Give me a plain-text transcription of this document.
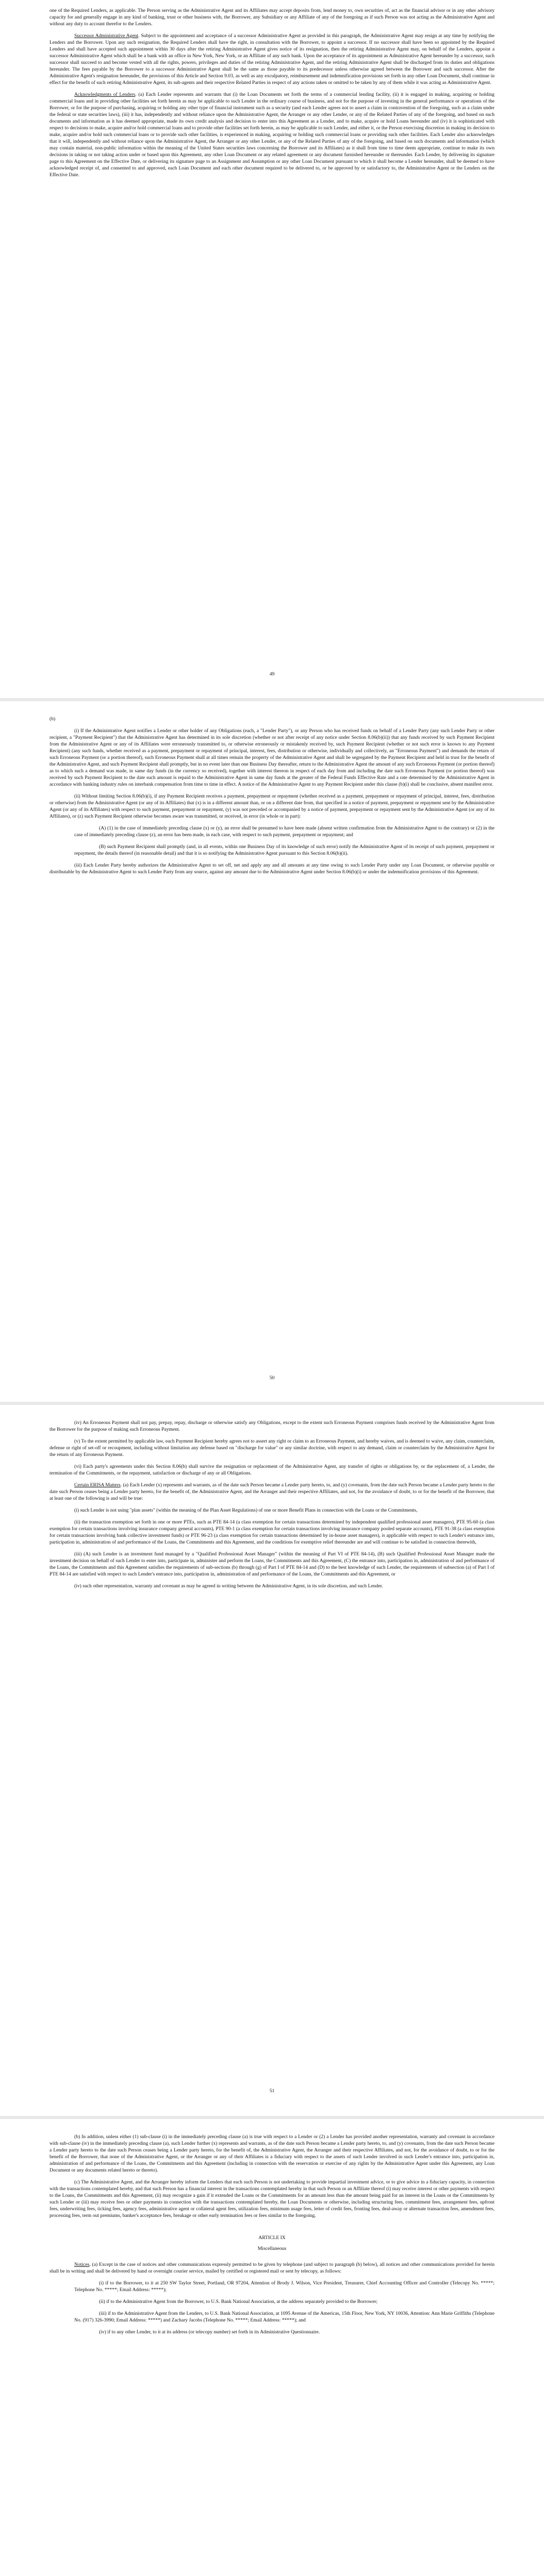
one of the Required Lenders, as applicable. The Person serving as the Administrative Agent and its Affiliates may accept deposits from, lend money to, own securities of, act as the financial advisor or in any other advisory capacity for and generally engage in any kind of banking, trust or other business with, the Borrower, any Subsidiary or any Affiliate of any of the foregoing as if such Person was not acting as the Administrative Agent and without any duty to account therefor to the Lenders.

Successor Administrative Agent. Subject to the appointment and acceptance of a successor Administrative Agent as provided in this paragraph, the Administrative Agent may resign at any time by notifying the Lenders and the Borrower. Upon any such resignation, the Required Lenders shall have the right, in consultation with the Borrower, to appoint a successor. If no successor shall have been so appointed by the Required Lenders and shall have accepted such appointment within 30 days after the retiring Administrative Agent gives notice of its resignation, then the retiring Administrative Agent may, on behalf of the Lenders, appoint a successor Administrative Agent which shall be a bank with an office in New York, New York, or an Affiliate of any such bank. Upon the acceptance of its appointment as Administrative Agent hereunder by a successor, such successor shall succeed to and become vested with all the rights, powers, privileges and duties of the retiring Administrative Agent, and the retiring Administrative Agent shall be discharged from its duties and obligations hereunder. The fees payable by the Borrower to a successor Administrative Agent shall be the same as those payable to its predecessor unless otherwise agreed between the Borrower and such successor. After the Administrative Agent's resignation hereunder, the provisions of this Article and Section 9.03, as well as any exculpatory, reimbursement and indemnification provisions set forth in any other Loan Document, shall continue in effect for the benefit of such retiring Administrative Agent, its sub-agents and their respective Related Parties in respect of any actions taken or omitted to be taken by any of them while it was acting as Administrative Agent.

Acknowledgments of Lenders. (a) Each Lender represents and warrants that (i) the Loan Documents set forth the terms of a commercial lending facility, (ii) it is engaged in making, acquiring or holding commercial loans and in providing other facilities set forth herein as may be applicable to such Lender in the ordinary course of business, and not for the purpose of investing in the general performance or operations of the Borrower, or for the purpose of purchasing, acquiring or holding any other type of financial instrument such as a security (and each Lender agrees not to assert a claim in contravention of the foregoing, such as a claim under the federal or state securities laws), (iii) it has, independently and without reliance upon the Administrative Agent, the Arranger or any other Lender, or any of the Related Parties of any of the foregoing, and based on such documents and information as it has deemed appropriate, made its own credit analysis and decision to enter into this Agreement as a Lender, and to make, acquire or hold Loans hereunder and (iv) it is sophisticated with respect to decisions to make, acquire and/or hold commercial loans and to provide other facilities set forth herein, as may be applicable to such Lender, and either it, or the Person exercising discretion in making its decision to make, acquire and/or hold such commercial loans or to provide such other facilities, is experienced in making, acquiring or holding such commercial loans or providing such other facilities. Each Lender also acknowledges that it will, independently and without reliance upon the Administrative Agent, the Arranger or any other Lender, or any of the Related Parties of any of the foregoing, and based on such documents and information (which may contain material, non-public information within the meaning of the United States securities laws concerning the Borrower and its Affiliates) as it shall from time to time deem appropriate, continue to make its own decisions in taking or not taking action under or based upon this Agreement, any other Loan Document or any related agreement or any document furnished hereunder or thereunder. Each Lender, by delivering its signature page to this Agreement on the Effective Date, or delivering its signature page to an Assignment and Assumption or any other Loan Document pursuant to which it shall become a Lender hereunder, shall be deemed to have acknowledged receipt of, and consented to and approved, each Loan Document and each other document required to be delivered to, or be approved by or satisfactory to, the Administrative Agent or the Lenders on the Effective Date.

49

(b)

(i) If the Administrative Agent notifies a Lender or other holder of any Obligations (each, a "Lender Party"), or any Person who has received funds on behalf of a Lender Party (any such Lender Party or other recipient, a "Payment Recipient") that the Administrative Agent has determined in its sole discretion (whether or not after receipt of any notice under Section 8.06(b)(ii)) that any funds received by such Payment Recipient from the Administrative Agent or any of its Affiliates were erroneously transmitted to, or otherwise erroneously or mistakenly received by, such Payment Recipient (whether or not such error is known to any Payment Recipient) (any such funds, whether received as a payment, prepayment or repayment of principal, interest, fees, distribution or otherwise, individually and collectively, an "Erroneous Payment") and demands the return of such Erroneous Payment (or a portion thereof), such Erroneous Payment shall at all times remain the property of the Administrative Agent and shall be segregated by the Payment Recipient and held in trust for the benefit of the Administrative Agent, and such Payment Recipient shall promptly, but in no event later than one Business Day thereafter, return to the Administrative Agent the amount of any such Erroneous Payment (or portion thereof) as to which such a demand was made, in same day funds (in the currency so received), together with interest thereon in respect of each day from and including the date such Erroneous Payment (or portion thereof) was received by such Payment Recipient to the date such amount is repaid to the Administrative Agent in same day funds at the greater of the Federal Funds Effective Rate and a rate determined by the Administrative Agent in accordance with banking industry rules on interbank compensation from time to time in effect. A notice of the Administrative Agent to any Payment Recipient under this clause (b)(i) shall be conclusive, absent manifest error.

(ii) Without limiting Section 8.06(b)(i), if any Payment Recipient receives a payment, prepayment or repayment (whether received as a payment, prepayment or repayment of principal, interest, fees, distribution or otherwise) from the Administrative Agent (or any of its Affiliates) that (x) is in a different amount than, or on a different date from, that specified in a notice of payment, prepayment or repayment sent by the Administrative Agent (or any of its Affiliates) with respect to such payment, prepayment or repayment, (y) was not preceded or accompanied by a notice of payment, prepayment or repayment sent by the Administrative Agent (or any of its Affiliates), or (z) such Payment Recipient otherwise becomes aware was transmitted, or received, in error (in whole or in part):

(A) (1) in the case of immediately preceding clause (x) or (y), an error shall be presumed to have been made (absent written confirmation from the Administrative Agent to the contrary) or (2) in the case of immediately preceding clause (z), an error has been made, in each case, with respect to such payment, prepayment or repayment; and

(B) such Payment Recipient shall promptly (and, in all events, within one Business Day of its knowledge of such error) notify the Administrative Agent of its receipt of such payment, prepayment or repayment, the details thereof (in reasonable detail) and that it is so notifying the Administrative Agent pursuant to this Section 8.06(b)(ii).

(iii) Each Lender Party hereby authorizes the Administrative Agent to set off, net and apply any and all amounts at any time owing to such Lender Party under any Loan Document, or otherwise payable or distributable by the Administrative Agent to such Lender Party from any source, against any amount due to the Administrative Agent under Section 8.06(b)(i) or under the indemnification provisions of this Agreement.

50

(iv) An Erroneous Payment shall not pay, prepay, repay, discharge or otherwise satisfy any Obligations, except to the extent such Erroneous Payment comprises funds received by the Administrative Agent from the Borrower for the purpose of making such Erroneous Payment.

(v) To the extent permitted by applicable law, each Payment Recipient hereby agrees not to assert any right or claim to an Erroneous Payment, and hereby waives, and is deemed to waive, any claim, counterclaim, defense or right of set-off or recoupment, including without limitation any defense based on "discharge for value" or any similar doctrine, with respect to any demand, claim or counterclaim by the Administrative Agent for the return of any Erroneous Payment.

(vi) Each party's agreements under this Section 8.06(b) shall survive the resignation or replacement of the Administrative Agent, any transfer of rights or obligations by, or the replacement of, a Lender, the termination of the Commitments, or the repayment, satisfaction or discharge of any or all Obligations.

Certain ERISA Matters. (a) Each Lender (x) represents and warrants, as of the date such Person became a Lender party hereto, to, and (y) covenants, from the date such Person became a Lender party hereto to the date such Person ceases being a Lender party hereto, for the benefit of, the Administrative Agent, and the Arranger and their respective Affiliates, and not, for the avoidance of doubt, to or for the benefit of the Borrower, that at least one of the following is and will be true:

(i) such Lender is not using "plan assets" (within the meaning of the Plan Asset Regulations) of one or more Benefit Plans in connection with the Loans or the Commitments,

(ii) the transaction exemption set forth in one or more PTEs, such as PTE 84-14 (a class exemption for certain transactions determined by independent qualified professional asset managers), PTE 95-60 (a class exemption for certain transactions involving insurance company general accounts), PTE 90-1 (a class exemption for certain transactions involving insurance company pooled separate accounts), PTE 91-38 (a class exemption for certain transactions involving bank collective investment funds) or PTE 96-23 (a class exemption for certain transactions determined by in-house asset managers), is applicable with respect to such Lender's entrance into, participation in, administration of and performance of the Loans, the Commitments and this Agreement, and the conditions for exemptive relief thereunder are and will continue to be satisfied in connection therewith,

(iii) (A) such Lender is an investment fund managed by a "Qualified Professional Asset Manager" (within the meaning of Part VI of PTE 84-14), (B) such Qualified Professional Asset Manager made the investment decision on behalf of such Lender to enter into, participate in, administer and perform the Loans, the Commitments and this Agreement, (C) the entrance into, participation in, administration of and performance of the Loans, the Commitments and this Agreement satisfies the requirements of sub-sections (b) through (g) of Part I of PTE 84-14 and (D) to the best knowledge of such Lender, the requirements of subsection (a) of Part I of PTE 84-14 are satisfied with respect to such Lender's entrance into, participation in, administration of and performance of the Loans, the Commitments and this Agreement, or

(iv) such other representation, warranty and covenant as may be agreed in writing between the Administrative Agent, in its sole discretion, and such Lender.

51

(b) In addition, unless either (1) sub-clause (i) in the immediately preceding clause (a) is true with respect to a Lender or (2) a Lender has provided another representation, warranty and covenant in accordance with sub-clause (iv) in the immediately preceding clause (a), such Lender further (x) represents and warrants, as of the date such Person became a Lender party hereto, to, and (y) covenants, from the date such Person became a Lender party hereto to the date such Person ceases being a Lender party hereto, for the benefit of, the Administrative Agent, the Arranger and their respective Affiliates, and not, for the avoidance of doubt, to or for the benefit of the Borrower, that none of the Administrative Agent, or the Arranger or any of their Affiliates is a fiduciary with respect to the assets of such Lender involved in such Lender's entrance into, participation in, administration of and performance of the Loans, the Commitments and this Agreement (including in connection with the reservation or exercise of any rights by the Administrative Agent under this Agreement, any Loan Document or any documents related hereto or thereto).

(c) The Administrative Agent, and the Arranger hereby inform the Lenders that each such Person is not undertaking to provide impartial investment advice, or to give advice in a fiduciary capacity, in connection with the transactions contemplated hereby, and that such Person has a financial interest in the transactions contemplated hereby in that such Person or an Affiliate thereof (i) may receive interest or other payments with respect to the Loans, the Commitments and this Agreement, (ii) may recognize a gain if it extended the Loans or the Commitments for an amount less than the amount being paid for an interest in the Loans or the Commitments by such Lender or (iii) may receive fees or other payments in connection with the transactions contemplated hereby, the Loan Documents or otherwise, including structuring fees, commitment fees, arrangement fees, upfront fees, underwriting fees, ticking fees, agency fees, administrative agent or collateral agent fees, utilization fees, minimum usage fees, letter of credit fees, fronting fees, deal-away or alternate transaction fees, amendment fees, processing fees, term out premiums, banker's acceptance fees, breakage or other early termination fees or fees similar to the foregoing.

ARTICLE IX

Miscellaneous

Notices. (a) Except in the case of notices and other communications expressly permitted to be given by telephone (and subject to paragraph (b) below), all notices and other communications provided for herein shall be in writing and shall be delivered by hand or overnight courier service, mailed by certified or registered mail or sent by telecopy, as follows:

(i) if to the Borrower, to it at 250 SW Taylor Street, Portland, OR 97204, Attention of Brody J. Wilson, Vice President, Treasurer, Chief Accounting Officer and Controller (Telecopy No. *****; Telephone No. *****; Email Address: *****);

(ii) if to the Administrative Agent from the Borrower, to U.S. Bank National Association, at the address separately provided to the Borrower;

(iii) if to the Administrative Agent from the Lenders, to U.S. Bank National Association, at 1095 Avenue of the Americas, 15th Floor, New York, NY 10036, Attention: Ann Marie Griffiths (Telephone No. (917) 326-3990; Email Address: *****) and Zachary Jacobs (Telephone No. *****; Email Address: *****); and

(iv) if to any other Lender, to it at its address (or telecopy number) set forth in its Administrative Questionnaire.
